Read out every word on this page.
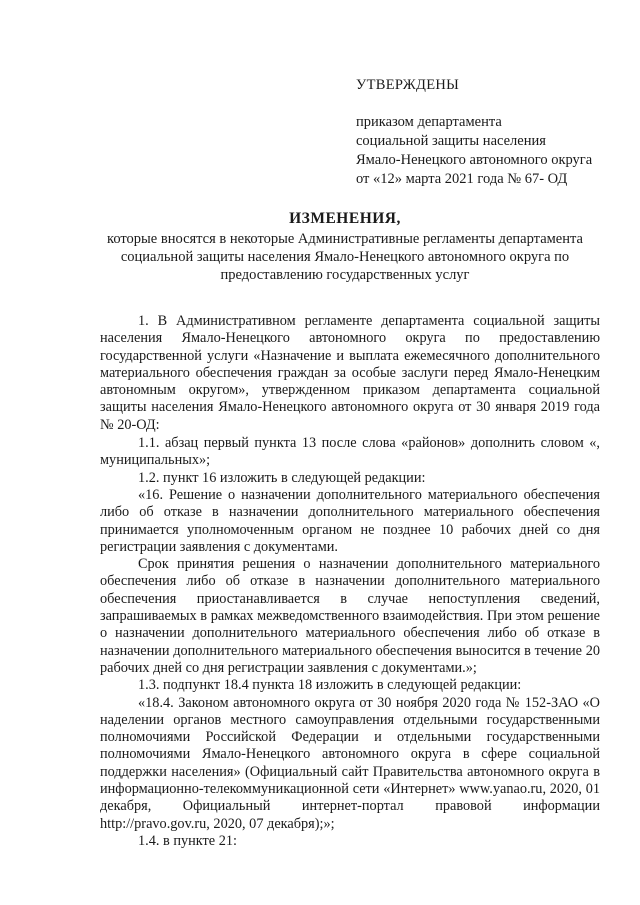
УТВЕРЖДЕНЫ
приказом департамента
социальной защиты населения
Ямало-Ненецкого автономного округа
от «12» марта 2021 года № 67- ОД
ИЗМЕНЕНИЯ,
которые вносятся в некоторые Административные регламенты департамента социальной защиты населения Ямало-Ненецкого автономного округа по предоставлению государственных услуг

1. В Административном регламенте департамента социальной защиты населения Ямало-Ненецкого автономного округа по предоставлению государственной услуги «Назначение и выплата ежемесячного дополнительного материального обеспечения граждан за особые заслуги перед Ямало-Ненецким автономным округом», утвержденном приказом департамента социальной защиты населения Ямало-Ненецкого автономного округа от 30 января 2019 года № 20-ОД:

1.1. абзац первый пункта 13 после слова «районов» дополнить словом «, муниципальных»;

1.2. пункт 16 изложить в следующей редакции:

«16. Решение о назначении дополнительного материального обеспечения либо об отказе в назначении дополнительного материального обеспечения принимается уполномоченным органом не позднее 10 рабочих дней со дня регистрации заявления с документами.

Срок принятия решения о назначении дополнительного материального обеспечения либо об отказе в назначении дополнительного материального обеспечения приостанавливается в случае непоступления сведений, запрашиваемых в рамках межведомственного взаимодействия. При этом решение о назначении дополнительного материального обеспечения либо об отказе в назначении дополнительного материального обеспечения выносится в течение 20 рабочих дней со дня регистрации заявления с документами.»;

1.3. подпункт 18.4 пункта 18 изложить в следующей редакции:

«18.4. Законом автономного округа от 30 ноября 2020 года № 152-ЗАО «О наделении органов местного самоуправления отдельными государственными полномочиями Российской Федерации и отдельными государственными полномочиями Ямало-Ненецкого автономного округа в сфере социальной поддержки населения» (Официальный сайт Правительства автономного округа в информационно-телекоммуникационной сети «Интернет» www.yanao.ru, 2020, 01 декабря, Официальный интернет-портал правовой информации http://pravo.gov.ru, 2020, 07 декабря);»;

1.4. в пункте 21:
